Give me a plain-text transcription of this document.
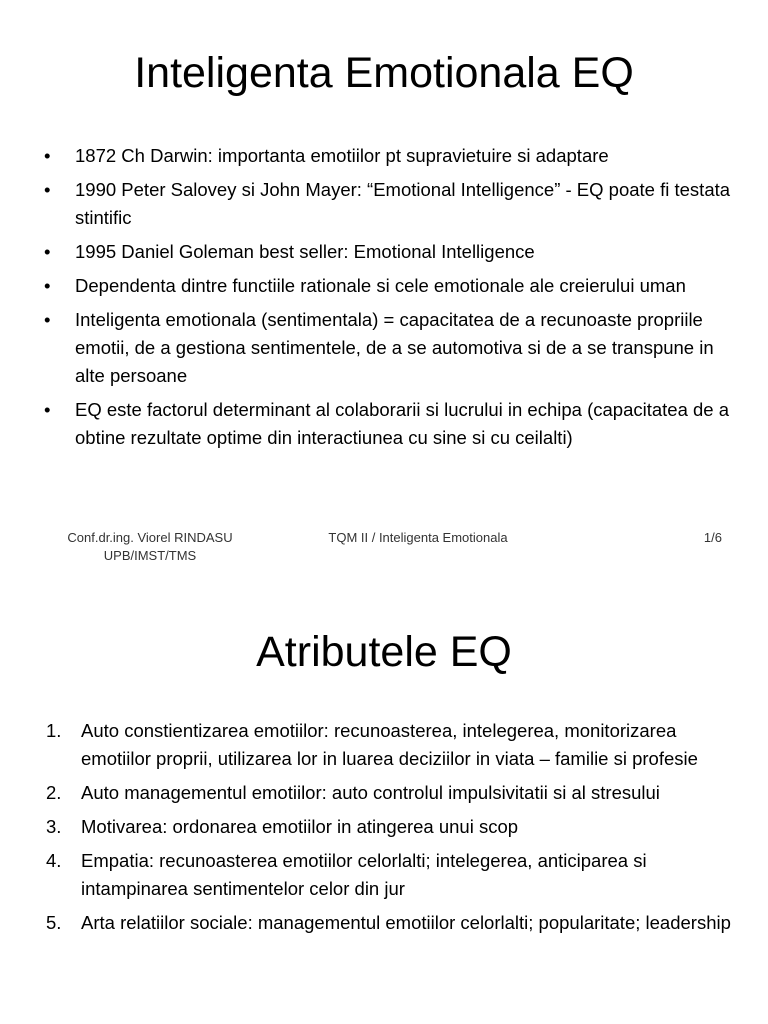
Inteligenta Emotionala EQ
• 1872 Ch Darwin: importanta emotiilor pt supravietuire si adaptare
• 1990 Peter Salovey si John Mayer: “Emotional Intelligence” - EQ poate fi testata stintific
• 1995 Daniel Goleman best seller: Emotional Intelligence
• Dependenta dintre functiile rationale si cele emotionale ale creierului uman
• Inteligenta emotionala (sentimentala) = capacitatea de a recunoaste propriile emotii, de a gestiona sentimentele, de a se automotiva si de a se transpune in alte persoane
• EQ este factorul determinant al colaborarii si lucrului in echipa (capacitatea de a obtine rezultate optime din interactiunea cu sine si cu ceilalti)
Conf.dr.ing. Viorel RINDASU
UPB/IMST/TMS
TQM II / Inteligenta Emotionala	1/6
Atributele EQ
1. Auto constientizarea emotiilor: recunoasterea, intelegerea, monitorizarea emotiilor proprii, utilizarea lor in luarea deciziilor in viata – familie si profesie
2. Auto managementul emotiilor: auto controlul impulsivitatii si al stresului
3. Motivarea: ordonarea emotiilor in atingerea unui scop
4. Empatia: recunoasterea emotiilor celorlalti; intelegerea, anticiparea si intampinarea sentimentelor celor din jur
5. Arta relatiilor sociale: managementul emotiilor celorlalti; popularitate; leadership
